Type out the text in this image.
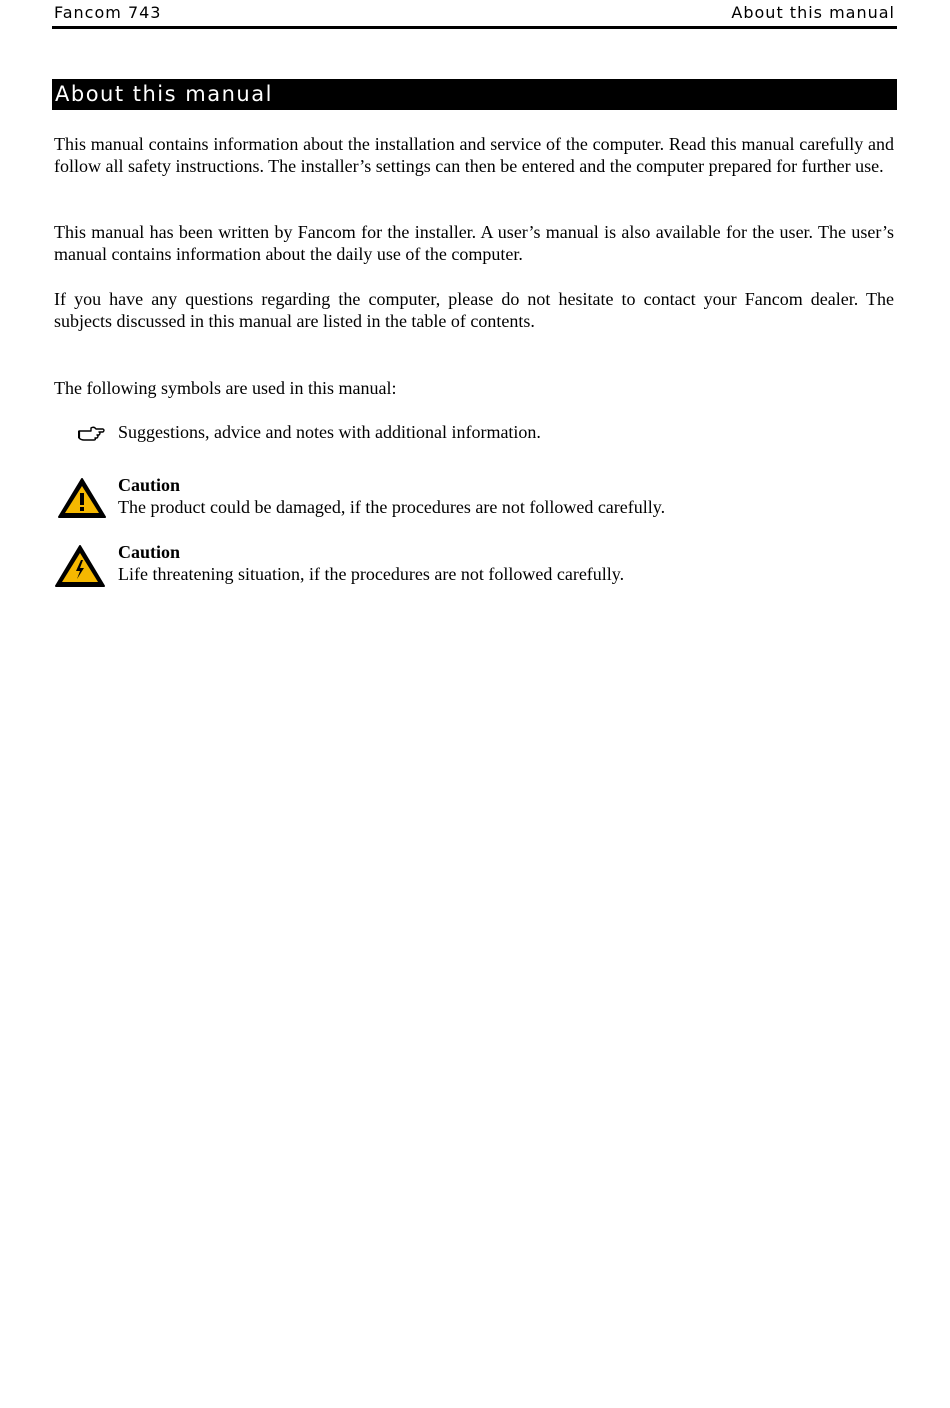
Fancom 743	About this manual
About this manual

This manual contains information about the installation and service of the computer. Read this manual carefully and follow all safety instructions. The installer’s settings can then be entered and the computer prepared for further use.

This manual has been written by Fancom for the installer. A user’s manual is also available for the user. The user’s manual contains information about the daily use of the computer.

If you have any questions regarding the computer, please do not hesitate to contact your Fancom dealer. The subjects discussed in this manual are listed in the table of contents.

The following symbols are used in this manual:

Suggestions, advice and notes with additional information.
Caution
The product could be damaged, if the procedures are not followed carefully.
Caution
Life threatening situation, if the procedures are not followed carefully.
